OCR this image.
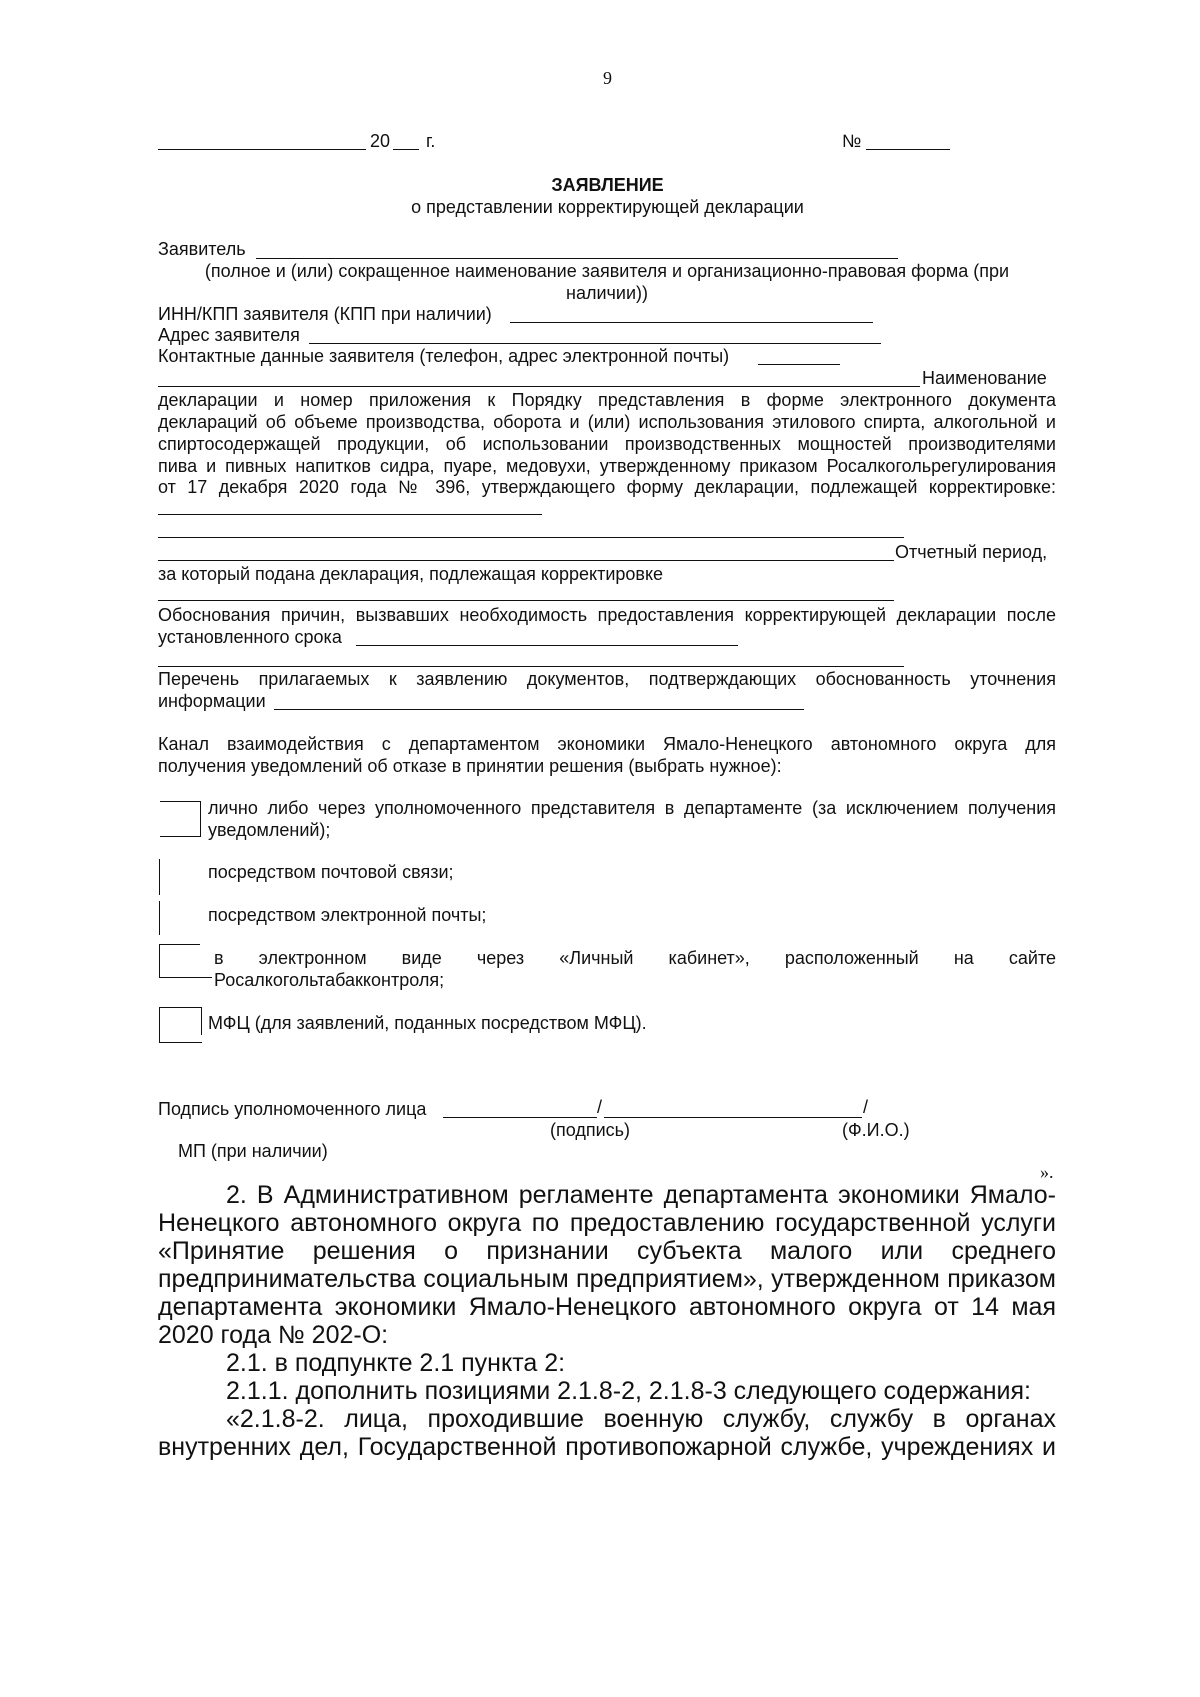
9
20 г.	№
ЗАЯВЛЕНИЕ
о представлении корректирующей декларации
Заявитель
(полное и (или) сокращенное наименование заявителя и организационно-правовая форма (при
наличии))
ИНН/КПП заявителя (КПП при наличии)
Адрес заявителя
Контактные данные заявителя (телефон, адрес электронной почты)
Наименование
декларации и номер приложения к Порядку представления в форме электронного документа
деклараций об объеме производства, оборота и (или) использования этилового спирта, алкогольной и
спиртосодержащей продукции, об использовании производственных мощностей производителями
пива и пивных напитков сидра, пуаре, медовухи, утвержденному приказом Росалкогольрегулирования
от 17 декабря 2020 года № 396, утверждающего форму декларации, подлежащей корректировке:
Отчетный период,
за который подана декларация, подлежащая корректировке
Обоснования причин, вызвавших необходимость предоставления корректирующей декларации после
установленного срока
Перечень прилагаемых к заявлению документов, подтверждающих обоснованность уточнения
информации
Канал взаимодействия с департаментом экономики Ямало-Ненецкого автономного округа для
получения уведомлений об отказе в принятии решения (выбрать нужное):
лично либо через уполномоченного представителя в департаменте (за исключением получения
уведомлений);
посредством почтовой связи;
посредством электронной почты;
в электронном виде через «Личный кабинет», расположенный на сайте
Росалкогольтабакконтроля;
МФЦ (для заявлений, поданных посредством МФЦ).
Подпись уполномоченного лица	/	/
(подпись)	(Ф.И.О.)
МП (при наличии)
».
2. В Административном регламенте департамента экономики Ямало-
Ненецкого автономного округа по предоставлению государственной услуги
«Принятие решения о признании субъекта малого или среднего
предпринимательства социальным предприятием», утвержденном приказом
департамента экономики Ямало-Ненецкого автономного округа от 14 мая
2020 года № 202-О:
2.1. в подпункте 2.1 пункта 2:
2.1.1. дополнить позициями 2.1.8-2, 2.1.8-3 следующего содержания:
«2.1.8-2. лица, проходившие военную службу, службу в органах
внутренних дел, Государственной противопожарной службе, учреждениях и
